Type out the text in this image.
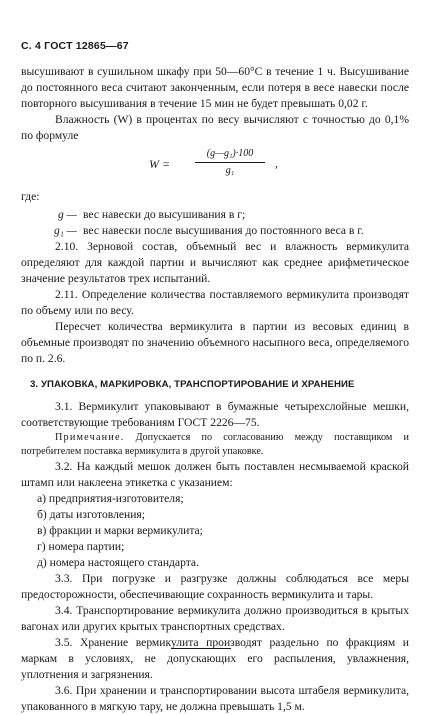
С. 4 ГОСТ 12865—67

высушивают в сушильном шкафу при 50—60°С в течение 1 ч. Высушивание до постоянного веса считают законченным, если потеря в весе навески после повторного высушивания в течение 15 мин не будет превышать 0,02 г.

Влажность (W) в процентах по весу вычисляют с точностью до 0,1% по формуле

W =
(g—g₁)·100
g₁
,

где:

g — вес навески до высушивания в г;
g₁ — вес навески после высушивания до постоянного веса в г.

2.10. Зерновой состав, объемный вес и влажность вермикулита определяют для каждой партии и вычисляют как среднее арифметическое значение результатов трех испытаний.

2.11. Определение количества поставляемого вермикулита производят по объему или по весу.

Пересчет количества вермикулита в партии из весовых единиц в объемные производят по значению объемного насыпного веса, определяемого по п. 2.6.

3. УПАКОВКА, МАРКИРОВКА, ТРАНСПОРТИРОВАНИЕ И ХРАНЕНИЕ

3.1. Вермикулит упаковывают в бумажные четырехслойные мешки, соответствующие требованиям ГОСТ 2226—75.

Примечание. Допускается по согласованию между поставщиком и потребителем поставка вермикулита в другой упаковке.

3.2. На каждый мешок должен быть поставлен несмываемой краской штамп или наклеена этикетка с указанием:

а) предприятия-изготовителя;
б) даты изготовления;
в) фракции и марки вермикулита;
г) номера партии;
д) номера настоящего стандарта.

3.3. При погрузке и разгрузке должны соблюдаться все меры предосторожности, обеспечивающие сохранность вермикулита и тары.

3.4. Транспортирование вермикулита должно производиться в крытых вагонах или других крытых транспортных средствах.

3.5. Хранение вермикулита производят раздельно по фракциям и маркам в условиях, не допускающих его распыления, увлажнения, уплотнения и загрязнения.

3.6. При хранении и транспортировании высота штабеля вермикулита, упакованного в мягкую тару, не должна превышать 1,5 м.
